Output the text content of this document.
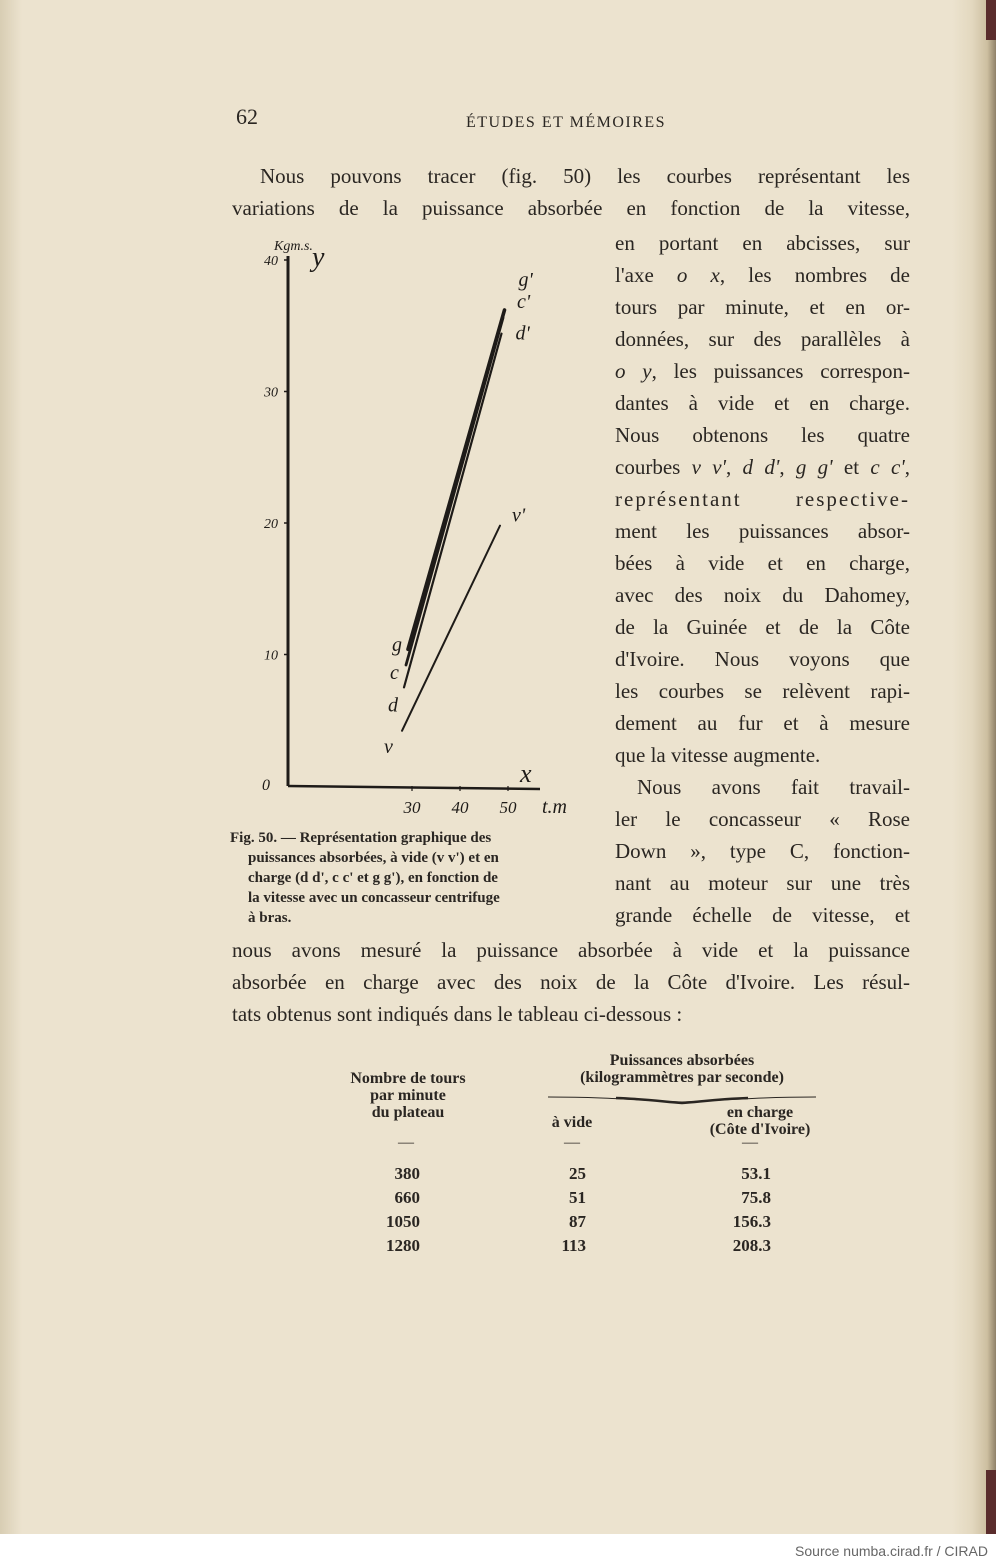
62	ÉTUDES ET MÉMOIRES
Nous pouvons tracer (fig. 50) les courbes représentant les
variations de la puissance absorbée en fonction de la vitesse,
en portant en abcisses, sur
l'axe o x, les nombres de
tours par minute, et en or-
données, sur des parallèles à
o y, les puissances correspon-
dantes à vide et en charge.
Nous obtenons les quatre
courbes v v', d d', g g' et c c',
représentant respective-
ment les puissances absor-
bées à vide et en charge,
avec des noix du Dahomey,
de la Guinée et de la Côte
d'Ivoire. Nous voyons que
les courbes se relèvent rapi-
dement au fur et à mesure
que la vitesse augmente.
Nous avons fait travail-
ler le concasseur « Rose
Down », type C, fonction-
nant au moteur sur une très
grande échelle de vitesse, et
nous avons mesuré la puissance absorbée à vide et la puissance
absorbée en charge avec des noix de la Côte d'Ivoire. Les résul-
tats obtenus sont indiqués dans le tableau ci-dessous :
40
30
20
10
30 40 50
Kgm.s. y
x
t.m
0
v
v'
d
d'
c
c'
g
g'
Fig. 50. — Représentation graphique des
puissances absorbées, à vide (v v') et en
charge (d d', c c' et g g'), en fonction de
la vitesse avec un concasseur centrifuge
à bras.
Nombre de tours
par minute
du plateau
Puissances absorbées
(kilogrammètres par seconde)
à vide
en charge
(Côte d'Ivoire)
—	—	—
380	25	53.1
660	51	75.8
1050	87	156.3
1280	113	208.3
Source numba.cirad.fr / CIRAD
